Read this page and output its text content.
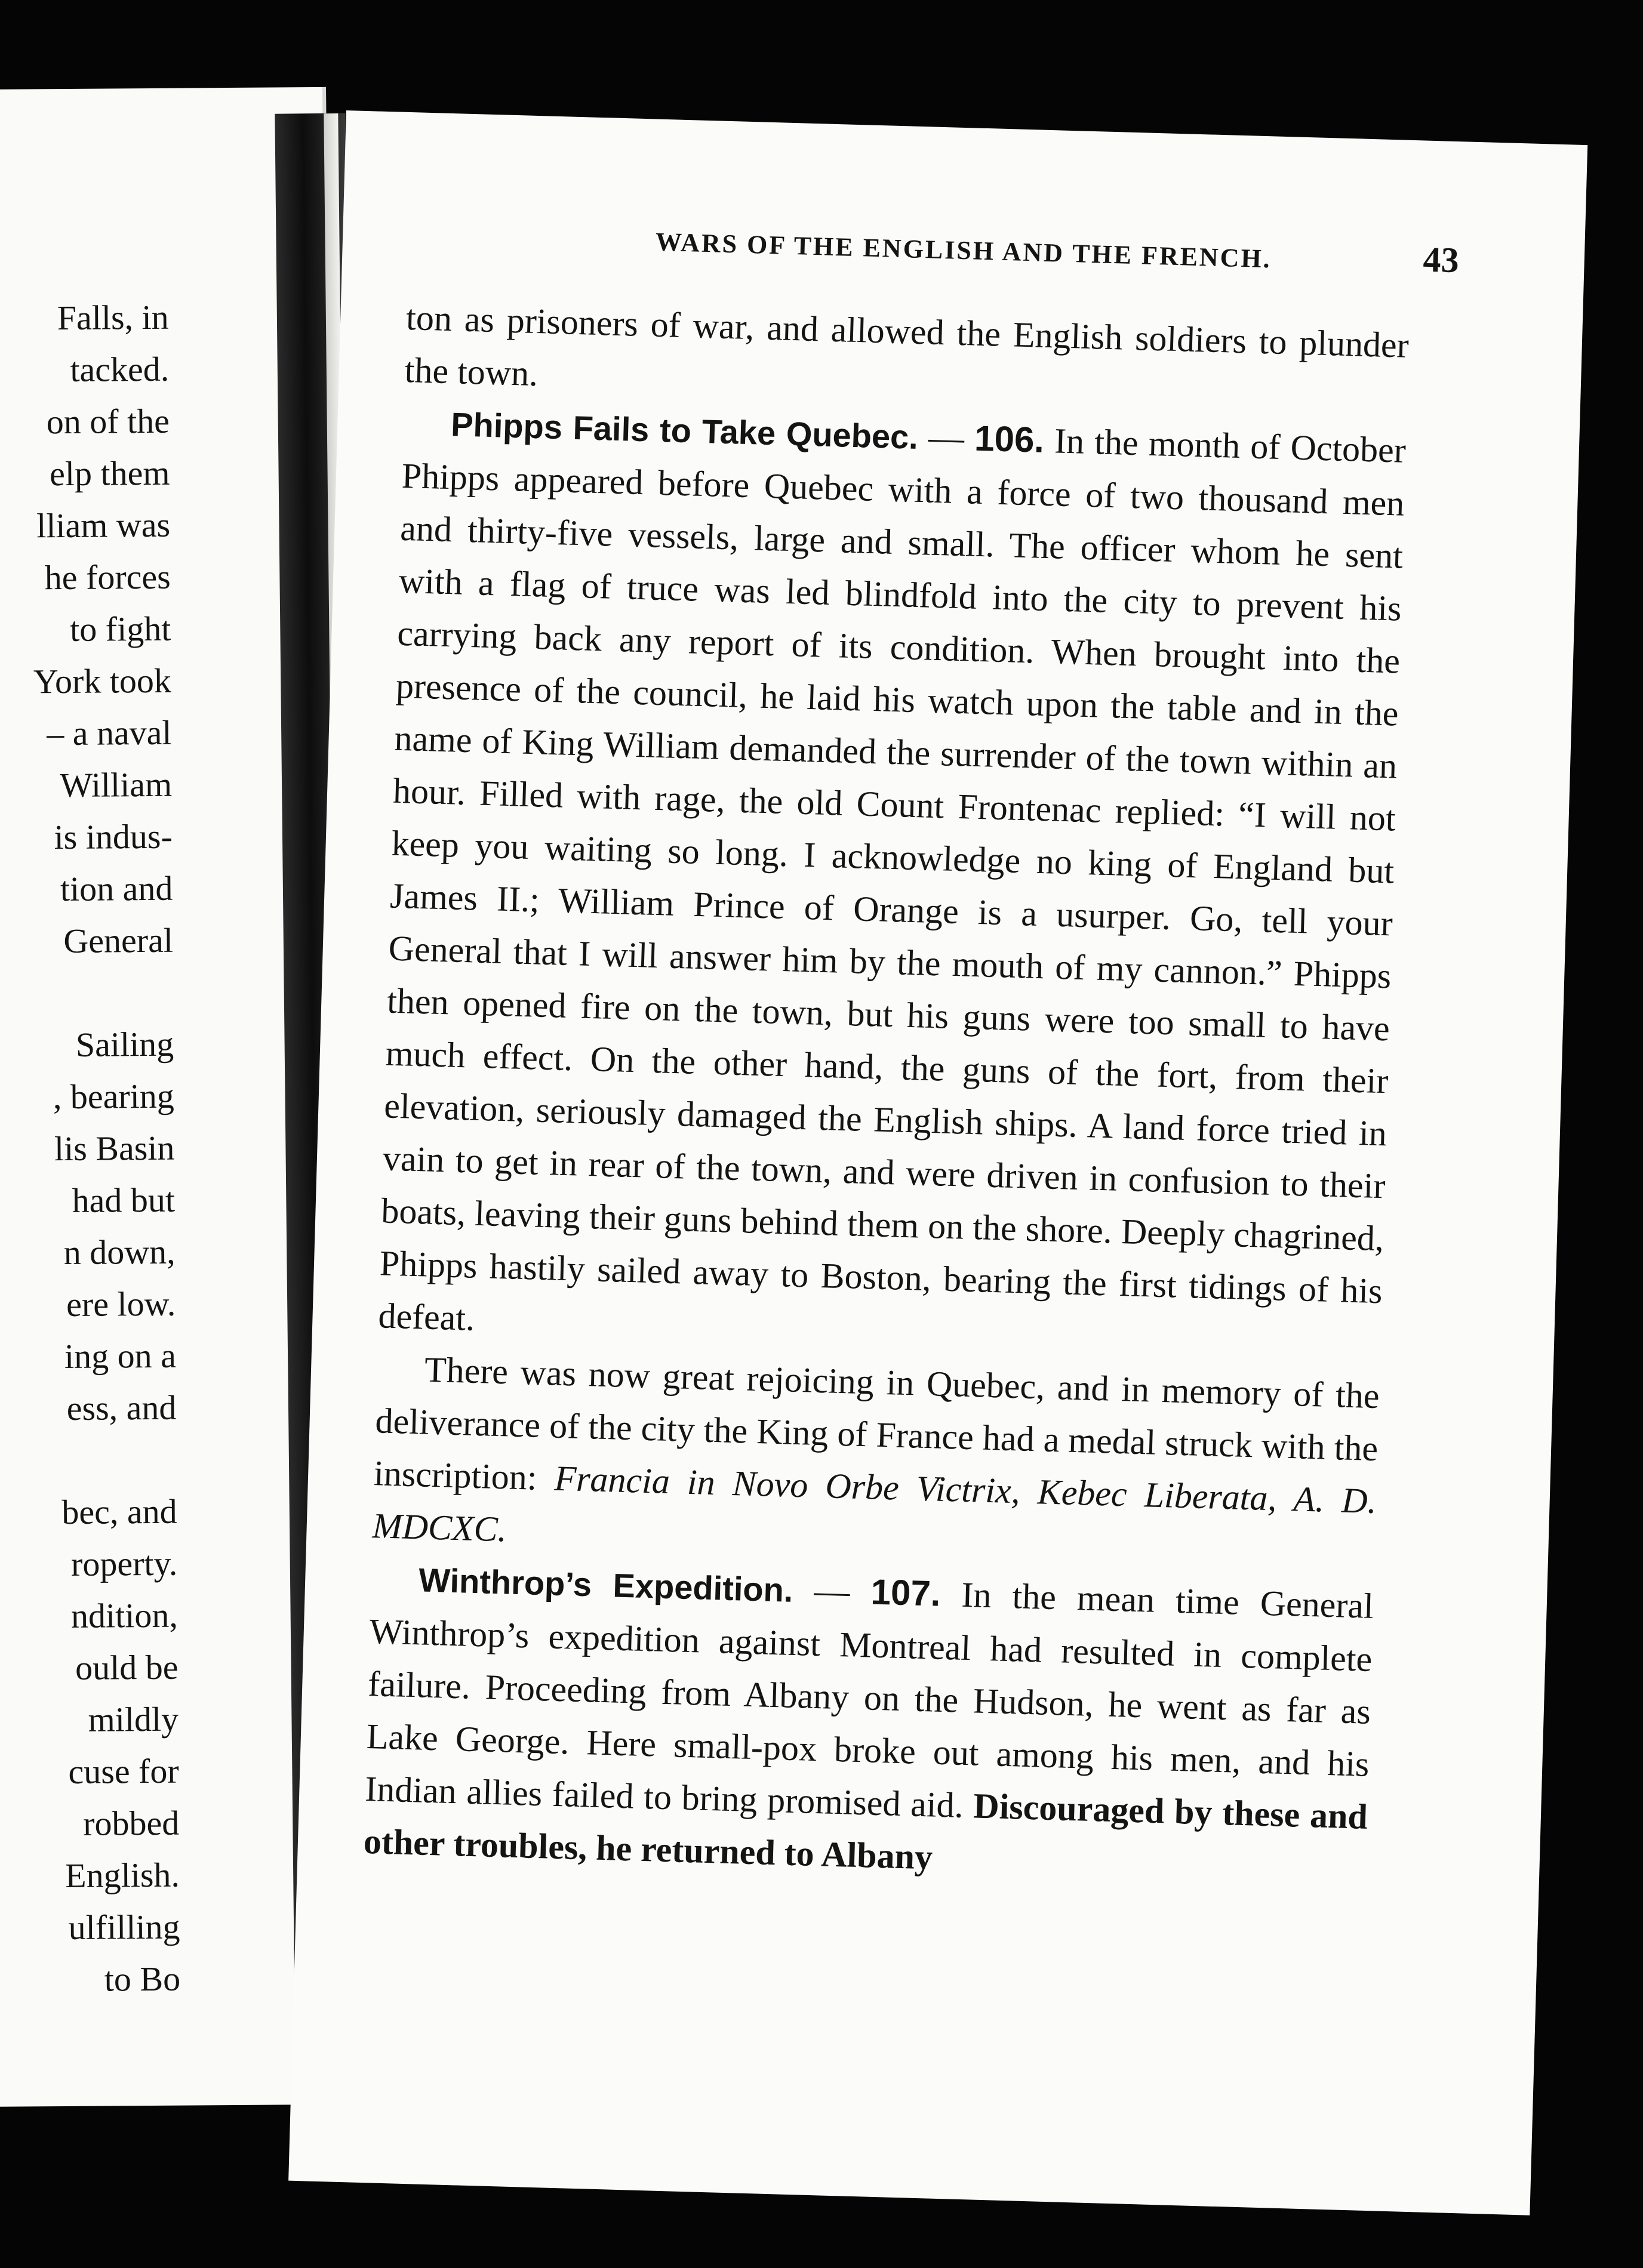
Falls, in
tacked.
on of the
elp them
lliam was
he forces
to fight
York took
– a naval
William
is indus-
tion and
General
Sailing
, bearing
lis Basin
had but
n down,
ere low.
ing on a
ess, and
bec, and
roperty.
ndition,
ould be
mildly
cuse for
robbed
English.
ulfilling
to Bo
WARS OF THE ENGLISH AND THE FRENCH.	43

ton as prisoners of war, and allowed the English soldiers to plunder the town.

Phipps Fails to Take Quebec. — 106. In the month of October Phipps appeared before Quebec with a force of two thousand men and thirty-five vessels, large and small. The officer whom he sent with a flag of truce was led blindfold into the city to prevent his carrying back any report of its condition. When brought into the presence of the council, he laid his watch upon the table and in the name of King William demanded the surrender of the town within an hour. Filled with rage, the old Count Frontenac replied: “I will not keep you waiting so long. I acknowledge no king of England but James II.; William Prince of Orange is a usurper. Go, tell your General that I will answer him by the mouth of my cannon.” Phipps then opened fire on the town, but his guns were too small to have much effect. On the other hand, the guns of the fort, from their elevation, seriously damaged the English ships. A land force tried in vain to get in rear of the town, and were driven in confusion to their boats, leaving their guns behind them on the shore. Deeply chagrined, Phipps hastily sailed away to Boston, bearing the first tidings of his defeat.

There was now great rejoicing in Quebec, and in memory of the deliverance of the city the King of France had a medal struck with the inscription: Francia in Novo Orbe Victrix, Kebec Liberata, A. D. MDCXC.

Winthrop’s Expedition. — 107. In the mean time General Winthrop’s expedition against Montreal had resulted in complete failure. Proceeding from Albany on the Hudson, he went as far as Lake George. Here small-pox broke out among his men, and his Indian allies failed to bring promised aid. Discouraged by these and other troubles, he returned to Albany
